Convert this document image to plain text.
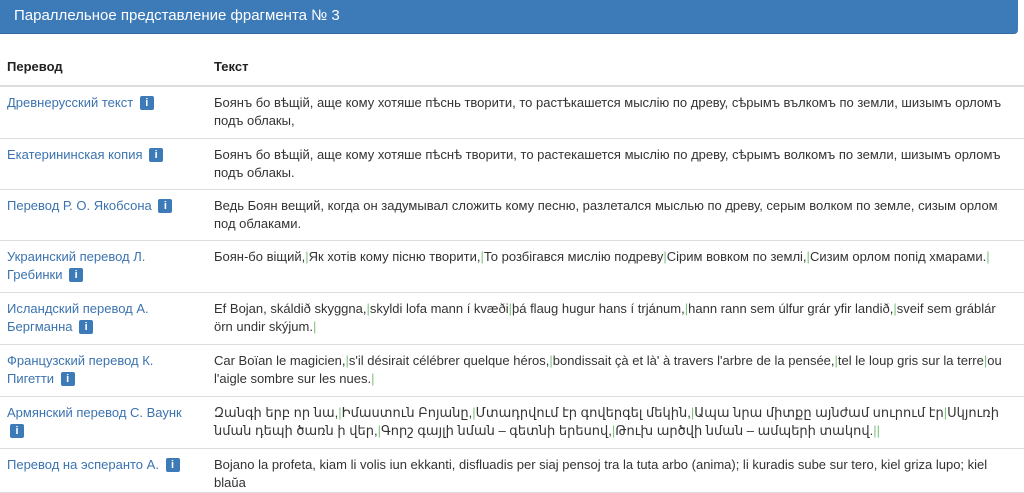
Параллельное представление фрагмента № 3
Перевод	Текст
Древнерусский текст i	Боянъ бо вѣщій, аще кому хотяше пѣснь творити, то растѣкашется мыслію по древу, сѣрымъ вълкомъ по земли, шизымъ орломъ подъ облакы,
Екатерининская копия i	Боянъ бо вѣщій, аще кому хотяше пѣснѣ творити, то растекашется мыслію по древу, сѣрымъ волкомъ по земли, шизымъ орломъ подъ облакы.
Перевод Р. О. Якобсона i	Ведь Боян вещий, когда он задумывал сложить кому песню, разлетался мыслью по древу, серым волком по земле, сизым орлом под облаками.
Украинский перевод Л. Гребинки i	Боян-бо віщий,|Як хотів кому пісню творити,|То розбігався мислію подреву|Сірим вовком по землі,|Сизим орлом попід хмарами.|
Исландский перевод А. Бергманна i	Ef Bojan, skáldið skyggna,|skyldi lofa mann í kvæði|þá flaug hugur hans í trjánum,|hann rann sem úlfur grár yfir landið,|sveif sem gráblár örn undir skýjum.|
Французский перевод К. Пигетти i	Car Boïan le magicien,|s'il désirait célébrer quelque héros,|bondissait çà et là' à travers l'arbre de la pensée,|tel le loup gris sur la terre|ou l'aigle sombre sur les nues.|
Армянский перевод С. Ваунк i	Զանգի երբ որ նա,|Իմաստուն Բոյանը,|Մտադրվում էր գովերգել մեկին,|Ապա նրա միտքը այնժամ սուրում էր|Սկյուռի նման դեպի ծառն ի վեր,|Գորշ գայլի նման – գետնի երեսով,|Թուխ արծվի նման – ամպերի տակով.||
Перевод на эсперанто А. i	Bojano la profeta, kiam li volis iun ekkanti, disfluadis per siaj pensoj tra la tuta arbo (anima); li kuradis sube sur tero, kiel griza lupo; kiel blaŭa
